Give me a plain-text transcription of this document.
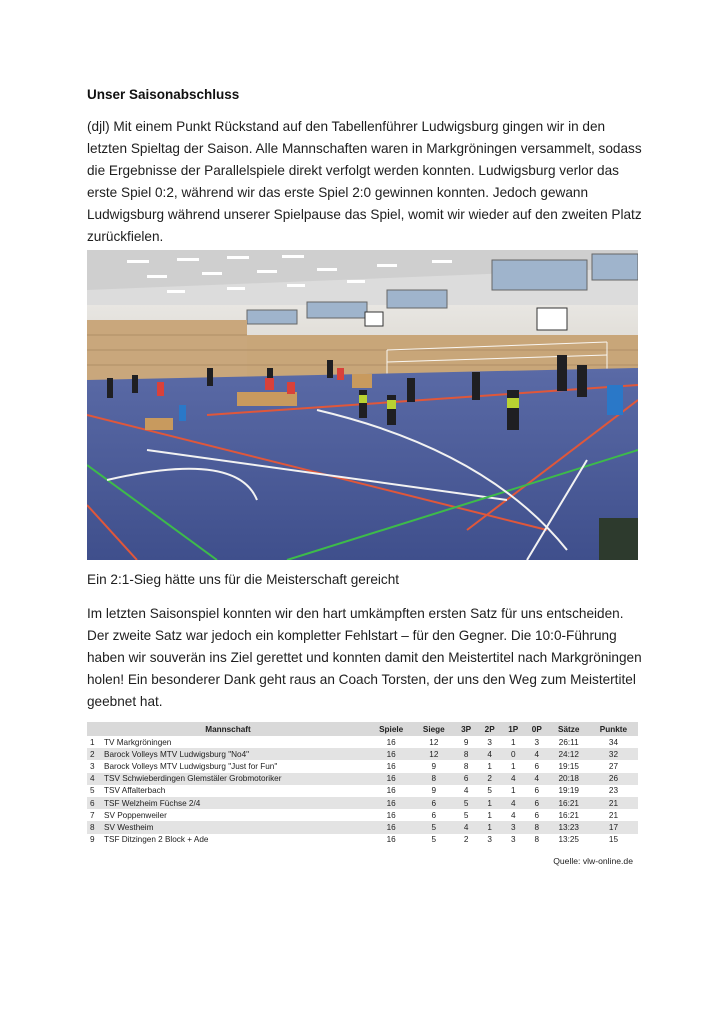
Unser Saisonabschluss
(djl) Mit einem Punkt Rückstand auf den Tabellenführer Ludwigsburg gingen wir in den letzten Spieltag der Saison. Alle Mannschaften waren in Markgröningen versammelt, sodass die Ergebnisse der Parallelspiele direkt verfolgt werden konnten. Ludwigsburg verlor das erste Spiel 0:2, während wir das erste Spiel 2:0 gewinnen konnten. Jedoch gewann Ludwigsburg während unserer Spielpause das Spiel, womit wir wieder auf den zweiten Platz zurückfielen.
Ein 2:1-Sieg hätte uns für die Meisterschaft gereicht
Im letzten Saisonspiel konnten wir den hart umkämpften ersten Satz für uns entscheiden. Der zweite Satz war jedoch ein kompletter Fehlstart – für den Gegner. Die 10:0-Führung haben wir souverän ins Ziel gerettet und konnten damit den Meistertitel nach Markgröningen holen! Ein besonderer Dank geht raus an Coach Torsten, der uns den Weg zum Meistertitel geebnet hat.
Mannschaft		Spiele	Siege	3P	2P	1P	0P	Sätze	Punkte
1	TV Markgröningen	16	12	9	3	1	3	26:11	34
2	Barock Volleys MTV Ludwigsburg "No4"	16	12	8	4	0	4	24:12	32
3	Barock Volleys MTV Ludwigsburg "Just for Fun"	16	9	8	1	1	6	19:15	27
4	TSV Schwieberdingen Glemstäler Grobmotoriker	16	8	6	2	4	4	20:18	26
5	TSV Affalterbach	16	9	4	5	1	6	19:19	23
6	TSF Welzheim Füchse 2/4	16	6	5	1	4	6	16:21	21
7	SV Poppenweiler	16	6	5	1	4	6	16:21	21
8	SV Westheim	16	5	4	1	3	8	13:23	17
9	TSF Ditzingen 2 Block + Ade	16	5	2	3	3	8	13:25	15
Quelle: vlw-online.de
